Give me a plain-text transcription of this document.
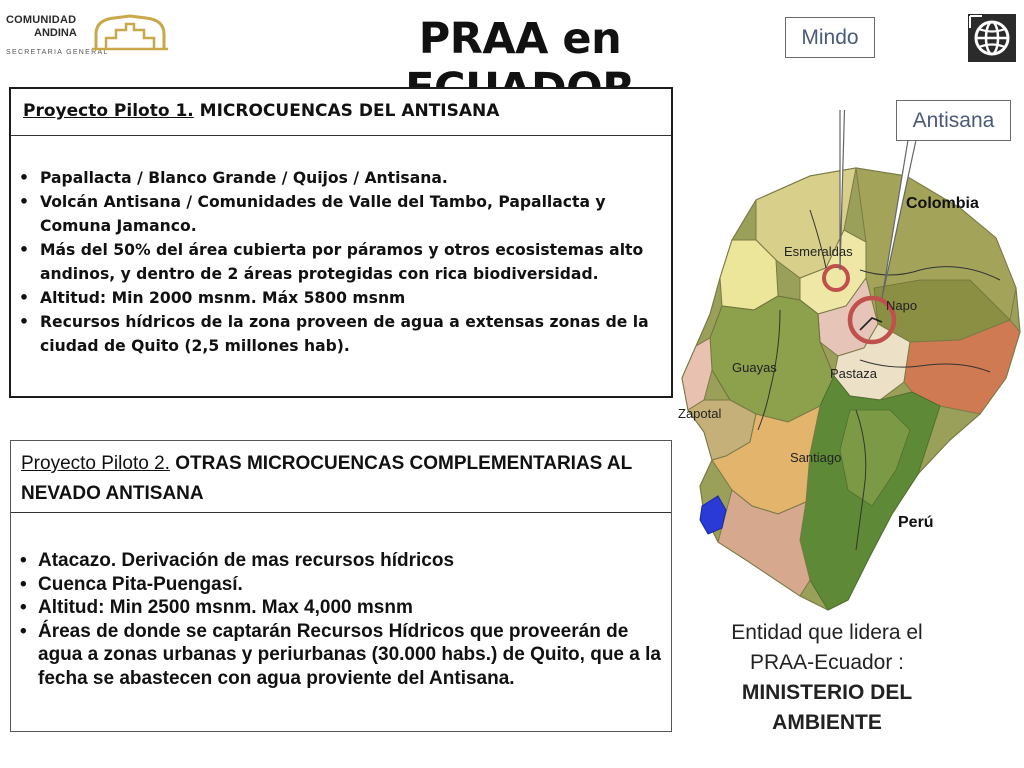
COMUNIDAD
ANDINA
SECRETARIA GENERAL	PRAA en
Proyecto Piloto 1. MICROCUENCAS DEL ANTISANA
• Papallacta / Blanco Grande / Quijos / Antisana.
• Volcán Antisana / Comunidades de Valle del Tambo, Papallacta y Comuna Jamanco.
• Más del 50% del área cubierta por páramos y otros ecosistemas alto andinos, y dentro de 2 áreas protegidas con rica biodiversidad.
• Altitud: Min 2000 msnm. Máx 5800 msnm
• Recursos hídricos de la zona proveen de agua a extensas zonas de la ciudad de Quito (2,5 millones hab).
Proyecto Piloto 2. OTRAS MICROCUENCAS COMPLEMENTARIAS AL NEVADO ANTISANA
• Atacazo. Derivación de mas recursos hídricos
• Cuenca Pita-Puengasí.
• Altitud: Min 2500 msnm. Max 4,000 msnm
• Áreas de donde se captarán Recursos Hídricos que proveerán de agua a zonas urbanas y periurbanas (30.000 habs.) de Quito, que a la fecha se abastecen con agua proviente del Antisana.
Esmeraldas
Napo
Guayas	Pastaza
Zapotal
Santiago
Mindo
Antisana
Colombia
Perú
Entidad que lidera el
PRAA-Ecuador :
MINISTERIO DEL AMBIENTE
